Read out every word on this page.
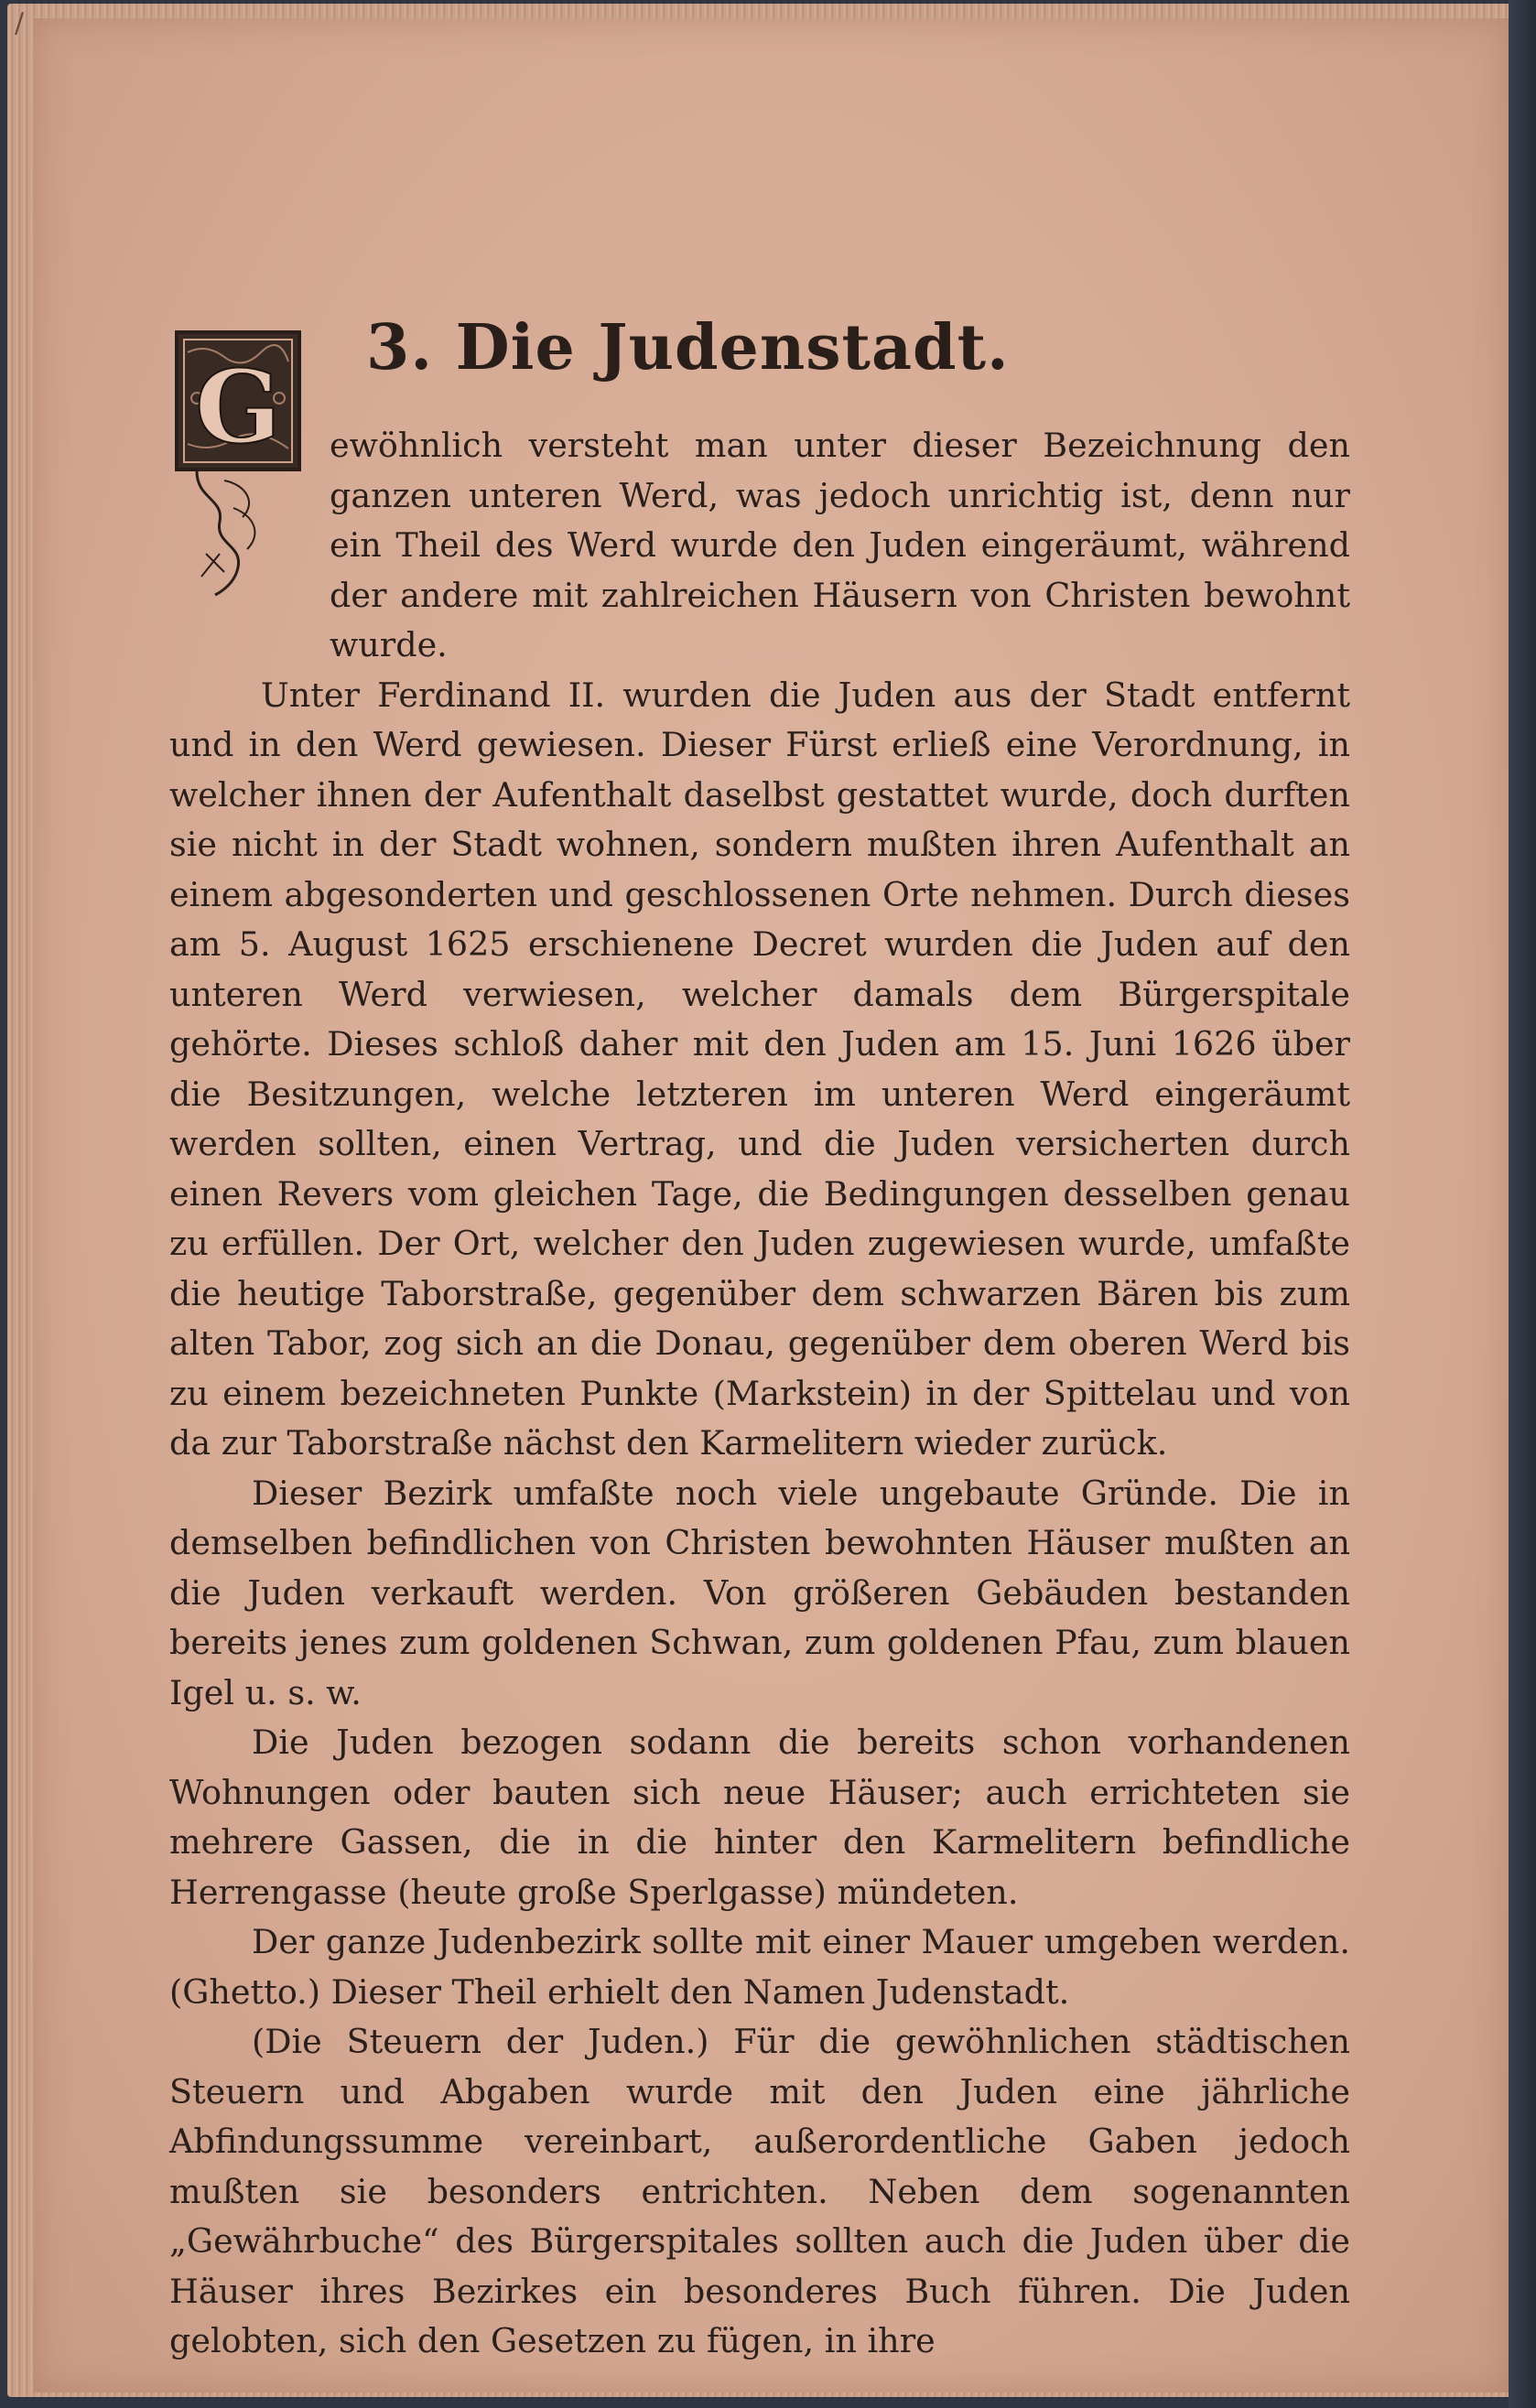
/
3. Die Judenstadt.
G ewöhnlich versteht man unter dieser Bezeichnung den ganzen unteren Werd, was jedoch unrichtig ist, denn nur ein Theil des Werd wurde den Juden eingeräumt, während der andere mit zahlreichen Häusern von Christen bewohnt wurde.

Unter Ferdinand II. wurden die Juden aus der Stadt entfernt und in den Werd gewiesen. Dieser Fürst erließ eine Verordnung, in welcher ihnen der Aufenthalt daselbst gestattet wurde, doch durften sie nicht in der Stadt wohnen, sondern mußten ihren Aufenthalt an einem abgesonderten und geschlossenen Orte nehmen. Durch dieses am 5. August 1625 erschienene Decret wurden die Juden auf den unteren Werd verwiesen, welcher damals dem Bürgerspitale gehörte. Dieses schloß daher mit den Juden am 15. Juni 1626 über die Besitzungen, welche letzteren im unteren Werd eingeräumt werden sollten, einen Vertrag, und die Juden versicherten durch einen Revers vom gleichen Tage, die Bedingungen desselben genau zu erfüllen. Der Ort, welcher den Juden zugewiesen wurde, umfaßte die heutige Taborstraße, gegenüber dem schwarzen Bären bis zum alten Tabor, zog sich an die Donau, gegenüber dem oberen Werd bis zu einem bezeichneten Punkte (Markstein) in der Spittelau und von da zur Taborstraße nächst den Karmelitern wieder zurück.

Dieser Bezirk umfaßte noch viele ungebaute Gründe. Die in demselben befindlichen von Christen bewohnten Häuser mußten an die Juden verkauft werden. Von größeren Gebäuden bestanden bereits jenes zum goldenen Schwan, zum goldenen Pfau, zum blauen Igel u. s. w.

Die Juden bezogen sodann die bereits schon vorhandenen Wohnungen oder bauten sich neue Häuser; auch errichteten sie mehrere Gassen, die in die hinter den Karmelitern befindliche Herrengasse (heute große Sperlgasse) mündeten.

Der ganze Judenbezirk sollte mit einer Mauer umgeben werden. (Ghetto.) Dieser Theil erhielt den Namen Judenstadt.

(Die Steuern der Juden.) Für die gewöhnlichen städtischen Steuern und Abgaben wurde mit den Juden eine jährliche Abfindungssumme vereinbart, außerordentliche Gaben jedoch mußten sie besonders entrichten. Neben dem sogenannten „Gewährbuche“ des Bürgerspitales sollten auch die Juden über die Häuser ihres Bezirkes ein besonderes Buch führen. Die Juden gelobten, sich den Gesetzen zu fügen, in ihre
